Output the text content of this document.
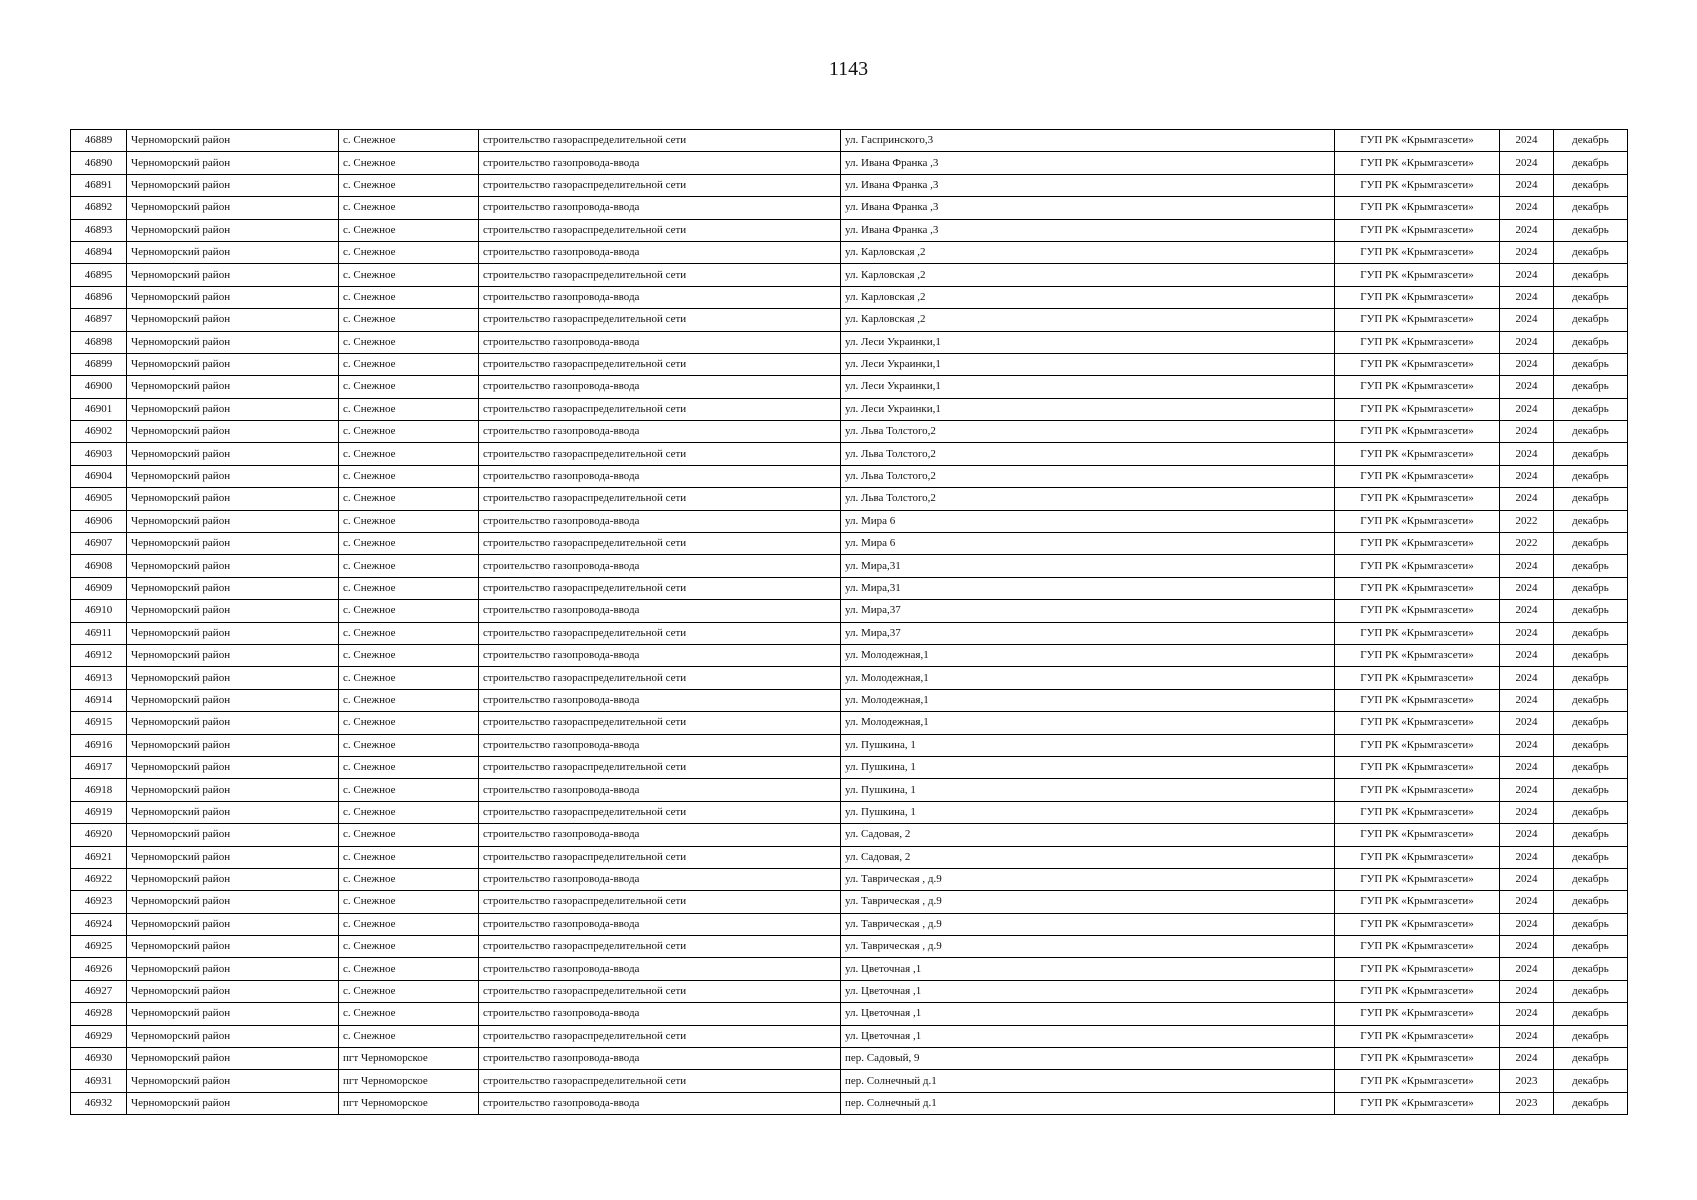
1143
46889	Черноморский район	с. Снежное	строительство газораспределительной сети	ул. Гаспринского,3	ГУП РК «Крымгазсети»	2024	декабрь
46890	Черноморский район	с. Снежное	строительство газопровода-ввода	ул. Ивана Франка ,3	ГУП РК «Крымгазсети»	2024	декабрь
46891	Черноморский район	с. Снежное	строительство газораспределительной сети	ул. Ивана Франка ,3	ГУП РК «Крымгазсети»	2024	декабрь
46892	Черноморский район	с. Снежное	строительство газопровода-ввода	ул. Ивана Франка ,3	ГУП РК «Крымгазсети»	2024	декабрь
46893	Черноморский район	с. Снежное	строительство газораспределительной сети	ул. Ивана Франка ,3	ГУП РК «Крымгазсети»	2024	декабрь
46894	Черноморский район	с. Снежное	строительство газопровода-ввода	ул. Карловская ,2	ГУП РК «Крымгазсети»	2024	декабрь
46895	Черноморский район	с. Снежное	строительство газораспределительной сети	ул. Карловская ,2	ГУП РК «Крымгазсети»	2024	декабрь
46896	Черноморский район	с. Снежное	строительство газопровода-ввода	ул. Карловская ,2	ГУП РК «Крымгазсети»	2024	декабрь
46897	Черноморский район	с. Снежное	строительство газораспределительной сети	ул. Карловская ,2	ГУП РК «Крымгазсети»	2024	декабрь
46898	Черноморский район	с. Снежное	строительство газопровода-ввода	ул. Леси Украинки,1	ГУП РК «Крымгазсети»	2024	декабрь
46899	Черноморский район	с. Снежное	строительство газораспределительной сети	ул. Леси Украинки,1	ГУП РК «Крымгазсети»	2024	декабрь
46900	Черноморский район	с. Снежное	строительство газопровода-ввода	ул. Леси Украинки,1	ГУП РК «Крымгазсети»	2024	декабрь
46901	Черноморский район	с. Снежное	строительство газораспределительной сети	ул. Леси Украинки,1	ГУП РК «Крымгазсети»	2024	декабрь
46902	Черноморский район	с. Снежное	строительство газопровода-ввода	ул. Льва Толстого,2	ГУП РК «Крымгазсети»	2024	декабрь
46903	Черноморский район	с. Снежное	строительство газораспределительной сети	ул. Льва Толстого,2	ГУП РК «Крымгазсети»	2024	декабрь
46904	Черноморский район	с. Снежное	строительство газопровода-ввода	ул. Льва Толстого,2	ГУП РК «Крымгазсети»	2024	декабрь
46905	Черноморский район	с. Снежное	строительство газораспределительной сети	ул. Льва Толстого,2	ГУП РК «Крымгазсети»	2024	декабрь
46906	Черноморский район	с. Снежное	строительство газопровода-ввода	ул. Мира 6	ГУП РК «Крымгазсети»	2022	декабрь
46907	Черноморский район	с. Снежное	строительство газораспределительной сети	ул. Мира 6	ГУП РК «Крымгазсети»	2022	декабрь
46908	Черноморский район	с. Снежное	строительство газопровода-ввода	ул. Мира,31	ГУП РК «Крымгазсети»	2024	декабрь
46909	Черноморский район	с. Снежное	строительство газораспределительной сети	ул. Мира,31	ГУП РК «Крымгазсети»	2024	декабрь
46910	Черноморский район	с. Снежное	строительство газопровода-ввода	ул. Мира,37	ГУП РК «Крымгазсети»	2024	декабрь
46911	Черноморский район	с. Снежное	строительство газораспределительной сети	ул. Мира,37	ГУП РК «Крымгазсети»	2024	декабрь
46912	Черноморский район	с. Снежное	строительство газопровода-ввода	ул. Молодежная,1	ГУП РК «Крымгазсети»	2024	декабрь
46913	Черноморский район	с. Снежное	строительство газораспределительной сети	ул. Молодежная,1	ГУП РК «Крымгазсети»	2024	декабрь
46914	Черноморский район	с. Снежное	строительство газопровода-ввода	ул. Молодежная,1	ГУП РК «Крымгазсети»	2024	декабрь
46915	Черноморский район	с. Снежное	строительство газораспределительной сети	ул. Молодежная,1	ГУП РК «Крымгазсети»	2024	декабрь
46916	Черноморский район	с. Снежное	строительство газопровода-ввода	ул. Пушкина, 1	ГУП РК «Крымгазсети»	2024	декабрь
46917	Черноморский район	с. Снежное	строительство газораспределительной сети	ул. Пушкина, 1	ГУП РК «Крымгазсети»	2024	декабрь
46918	Черноморский район	с. Снежное	строительство газопровода-ввода	ул. Пушкина, 1	ГУП РК «Крымгазсети»	2024	декабрь
46919	Черноморский район	с. Снежное	строительство газораспределительной сети	ул. Пушкина, 1	ГУП РК «Крымгазсети»	2024	декабрь
46920	Черноморский район	с. Снежное	строительство газопровода-ввода	ул. Садовая, 2	ГУП РК «Крымгазсети»	2024	декабрь
46921	Черноморский район	с. Снежное	строительство газораспределительной сети	ул. Садовая, 2	ГУП РК «Крымгазсети»	2024	декабрь
46922	Черноморский район	с. Снежное	строительство газопровода-ввода	ул. Таврическая , д.9	ГУП РК «Крымгазсети»	2024	декабрь
46923	Черноморский район	с. Снежное	строительство газораспределительной сети	ул. Таврическая , д.9	ГУП РК «Крымгазсети»	2024	декабрь
46924	Черноморский район	с. Снежное	строительство газопровода-ввода	ул. Таврическая , д.9	ГУП РК «Крымгазсети»	2024	декабрь
46925	Черноморский район	с. Снежное	строительство газораспределительной сети	ул. Таврическая , д.9	ГУП РК «Крымгазсети»	2024	декабрь
46926	Черноморский район	с. Снежное	строительство газопровода-ввода	ул. Цветочная ,1	ГУП РК «Крымгазсети»	2024	декабрь
46927	Черноморский район	с. Снежное	строительство газораспределительной сети	ул. Цветочная ,1	ГУП РК «Крымгазсети»	2024	декабрь
46928	Черноморский район	с. Снежное	строительство газопровода-ввода	ул. Цветочная ,1	ГУП РК «Крымгазсети»	2024	декабрь
46929	Черноморский район	с. Снежное	строительство газораспределительной сети	ул. Цветочная ,1	ГУП РК «Крымгазсети»	2024	декабрь
46930	Черноморский район	пгт Черноморское	строительство газопровода-ввода	пер. Садовый, 9	ГУП РК «Крымгазсети»	2024	декабрь
46931	Черноморский район	пгт Черноморское	строительство газораспределительной сети	пер. Солнечный д.1	ГУП РК «Крымгазсети»	2023	декабрь
46932	Черноморский район	пгт Черноморское	строительство газопровода-ввода	пер. Солнечный д.1	ГУП РК «Крымгазсети»	2023	декабрь
